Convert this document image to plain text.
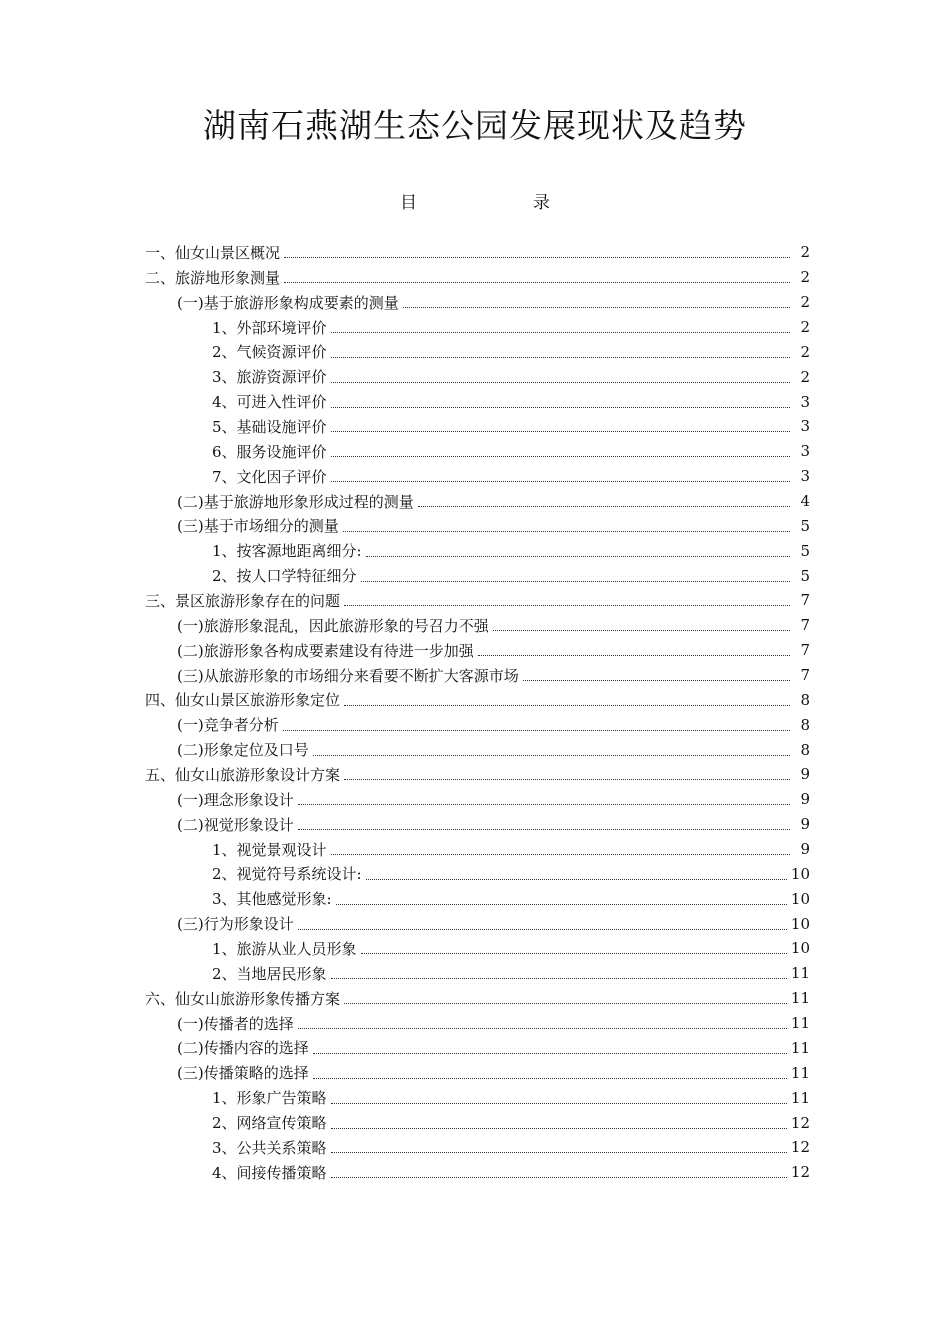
湖南石燕湖生态公园发展现状及趋势
目	录
一、仙女山景区概况	2
二、旅游地形象测量	2
(一)基于旅游形象构成要素的测量	2
1、外部环境评价	2
2、气候资源评价	2
3、旅游资源评价	2
4、可进入性评价	3
5、基础设施评价	3
6、服务设施评价	3
7、文化因子评价	3
(二)基于旅游地形象形成过程的测量	4
(三)基于市场细分的测量	5
1、按客源地距离细分:	5
2、按人口学特征细分	5
三、景区旅游形象存在的问题	7
(一)旅游形象混乱，因此旅游形象的号召力不强	7
(二)旅游形象各构成要素建设有待进一步加强	7
(三)从旅游形象的市场细分来看要不断扩大客源市场	7
四、仙女山景区旅游形象定位	8
(一)竞争者分析	8
(二)形象定位及口号	8
五、仙女山旅游形象设计方案	9
(一)理念形象设计	9
(二)视觉形象设计	9
1、视觉景观设计	9
2、视觉符号系统设计:	10
3、其他感觉形象:	10
(三)行为形象设计	10
1、旅游从业人员形象	10
2、当地居民形象	11
六、仙女山旅游形象传播方案	11
(一)传播者的选择	11
(二)传播内容的选择	11
(三)传播策略的选择	11
1、形象广告策略	11
2、网络宣传策略	12
3、公共关系策略	12
4、间接传播策略	12
